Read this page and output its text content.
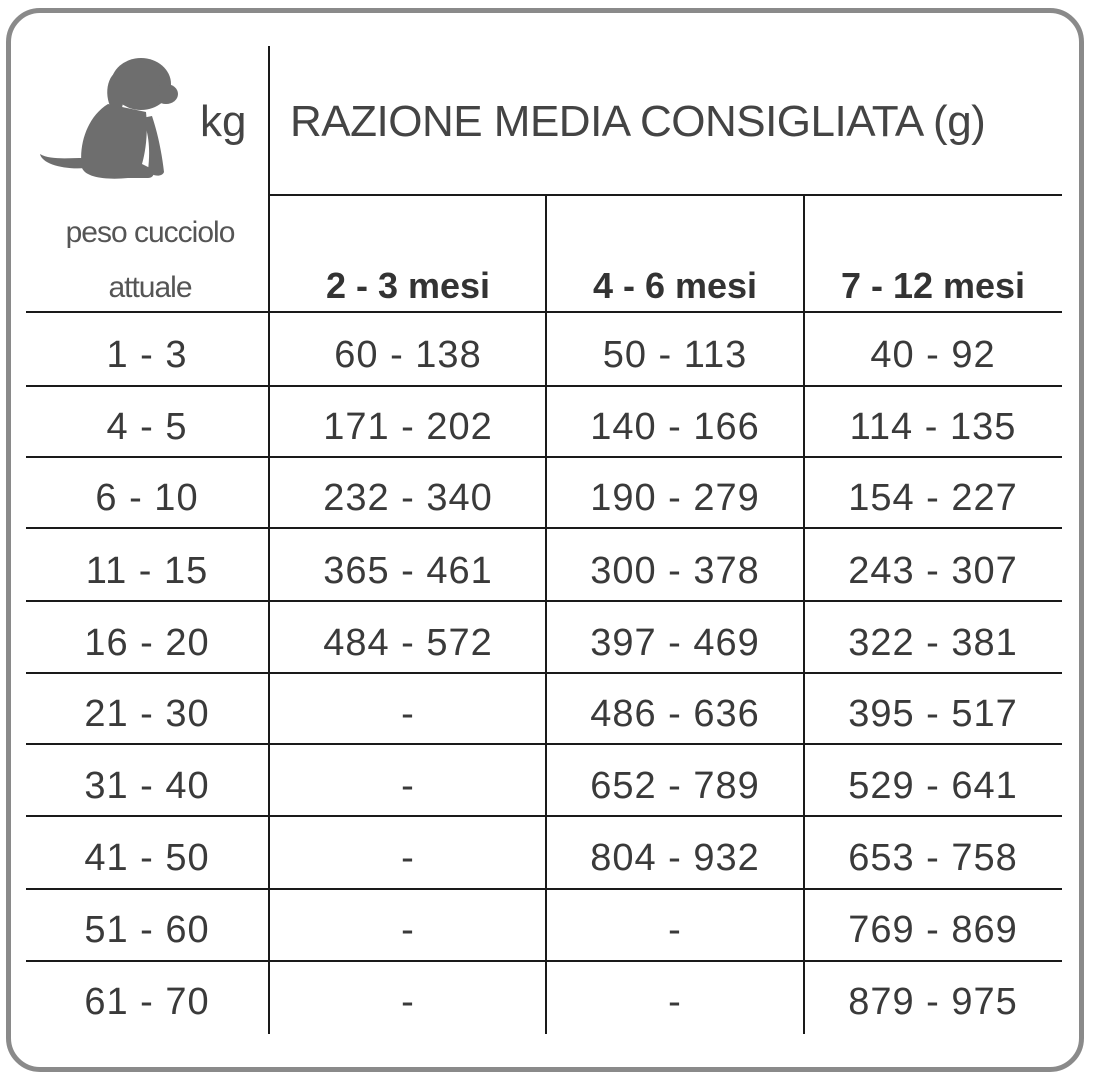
kg RAZIONE MEDIA CONSIGLIATA (g)
peso cucciolo
attuale	2 - 3 mesi	4 - 6 mesi	7 - 12 mesi
1 - 3	60 - 138	50 - 113	40 - 92
4 - 5	171 - 202	140 - 166	114 - 135
6 - 10	232 - 340	190 - 279	154 - 227
11 - 15	365 - 461	300 - 378	243 - 307
16 - 20	484 - 572	397 - 469	322 - 381
21 - 30	-	486 - 636	395 - 517
31 - 40	-	652 - 789	529 - 641
41 - 50	-	804 - 932	653 - 758
51 - 60	-	-	769 - 869
61 - 70	-	-	879 - 975
